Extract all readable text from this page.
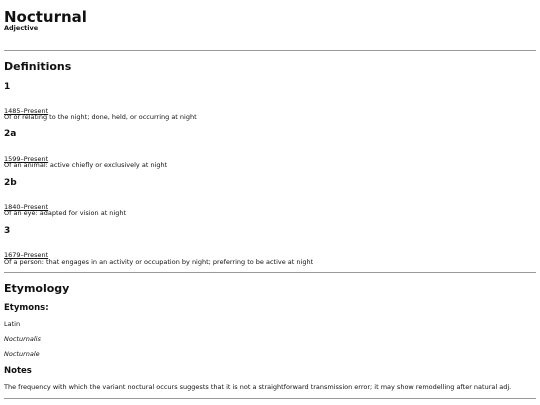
Nocturnal
Adjective
Definitions
1
1485–Present
Of or relating to the night; done, held, or occurring at night
2a
1599–Present
Of an animal: active chiefly or exclusively at night
2b
1840–Present
Of an eye: adapted for vision at night
3
1679–Present
Of a person: that engages in an activity or occupation by night; preferring to be active at night
Etymology
Etymons:
Latin
Nocturnalis
Nocturnale
Notes
The frequency with which the variant noctural occurs suggests that it is not a straightforward transmission error; it may show remodelling after natural adj.
